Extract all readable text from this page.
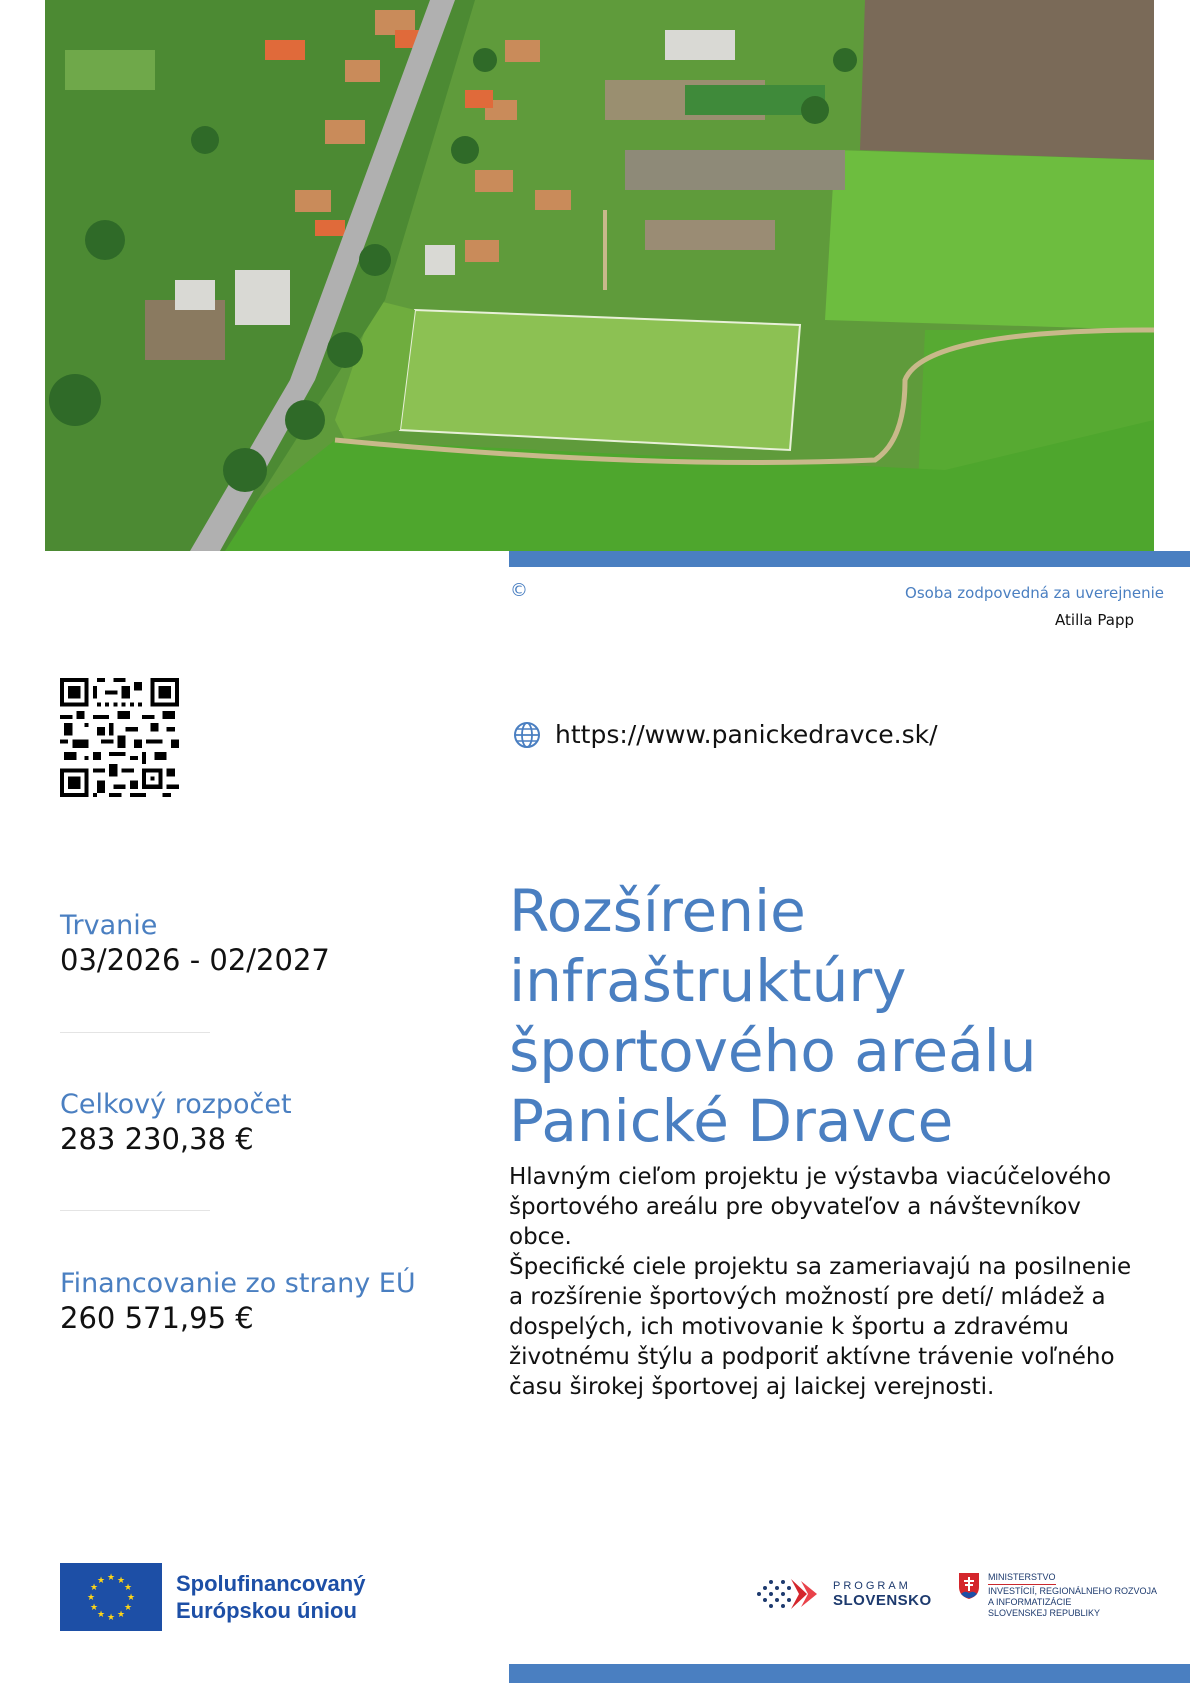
©	Osoba zodpovedná za uverejnenie
Atilla Papp
https://www.panickedravce.sk/
Trvanie
03/2026 - 02/2027
Celkový rozpočet
283 230,38 €
Financovanie zo strany EÚ
260 571,95 €
Rozšírenie
infraštruktúry
športového areálu
Panické Dravce

Hlavným cieľom projektu je výstavba viacúčelového športového areálu pre obyvateľov a návštevníkov obce.

Špecifické ciele projektu sa zameriavajú na posilnenie a rozšírenie športových možností pre detí/ mládež a dospelých, ich motivovanie k športu a zdravému životnému štýlu a podporiť aktívne trávenie voľného času širokej športovej aj laickej verejnosti.

★ ★
★
★
★
★
★
★
★
★
★
★	Spolufinancovaný
Európskou úniou
PROGRAM
SLOVENSKO
MINISTERSTVO
INVESTÍCIÍ, REGIONÁLNEHO ROZVOJA
A INFORMATIZÁCIE
SLOVENSKEJ REPUBLIKY
